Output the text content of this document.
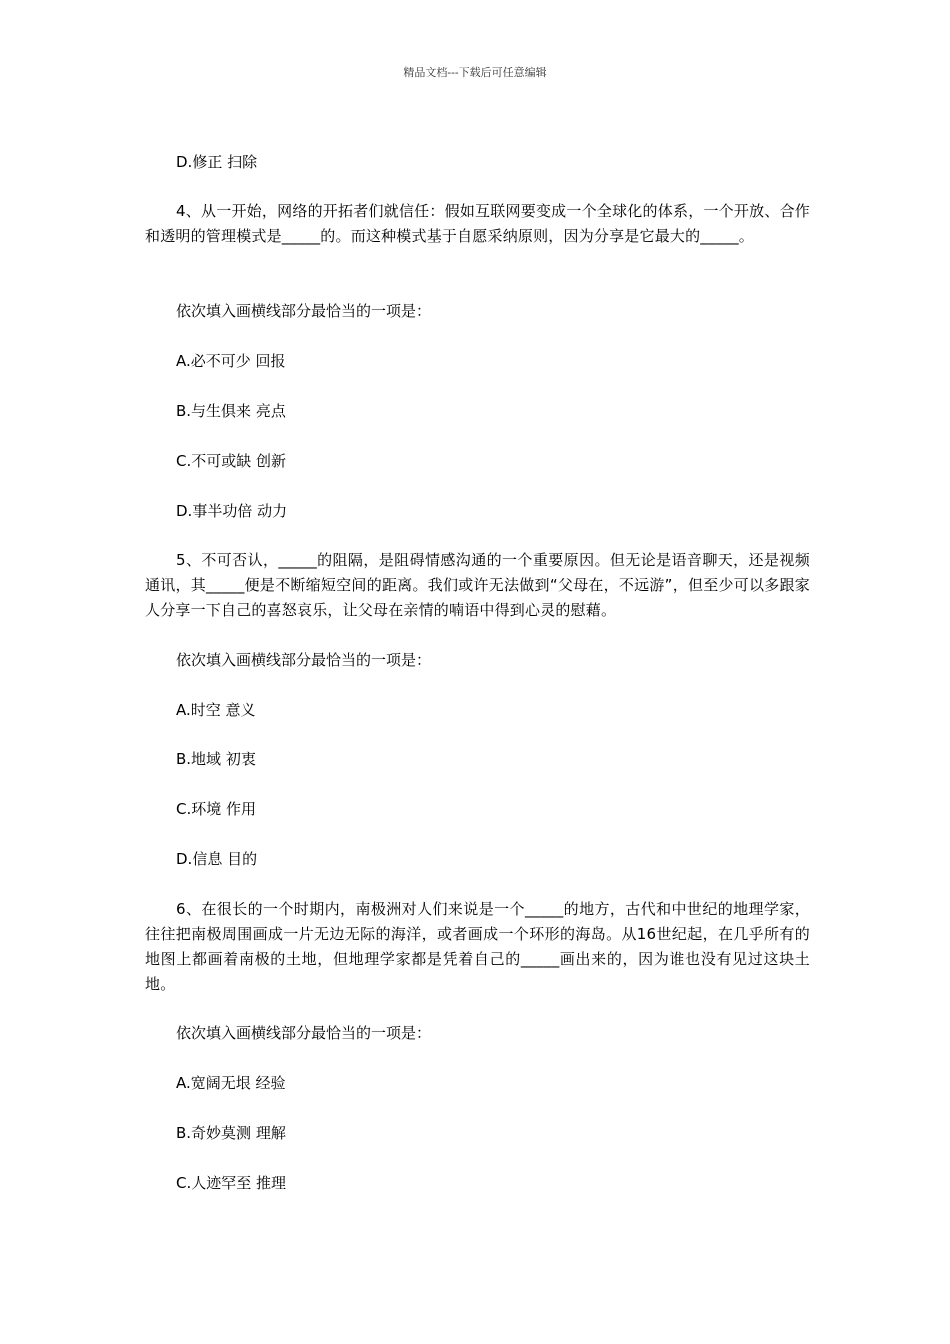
精品文档---下载后可任意编辑
D.修正 扫除
4、从一开始，网络的开拓者们就信任：假如互联网要变成一个全球化的体系，一个开放、合作和透明的管理模式是_____的。而这种模式基于自愿采纳原则，因为分享是它最大的_____。
依次填入画横线部分最恰当的一项是：
A.必不可少 回报
B.与生俱来 亮点
C.不可或缺 创新
D.事半功倍 动力
5、不可否认，_____的阻隔，是阻碍情感沟通的一个重要原因。但无论是语音聊天，还是视频通讯，其_____便是不断缩短空间的距离。我们或许无法做到“父母在，不远游”，但至少可以多跟家人分享一下自己的喜怒哀乐，让父母在亲情的喃语中得到心灵的慰藉。
依次填入画横线部分最恰当的一项是：
A.时空 意义
B.地域 初衷
C.环境 作用
D.信息 目的
6、在很长的一个时期内，南极洲对人们来说是一个_____的地方，古代和中世纪的地理学家，往往把南极周围画成一片无边无际的海洋，或者画成一个环形的海岛。从16世纪起，在几乎所有的地图上都画着南极的土地，但地理学家都是凭着自己的_____画出来的，因为谁也没有见过这块土地。
依次填入画横线部分最恰当的一项是：
A.宽阔无垠 经验
B.奇妙莫测 理解
C.人迹罕至 推理
